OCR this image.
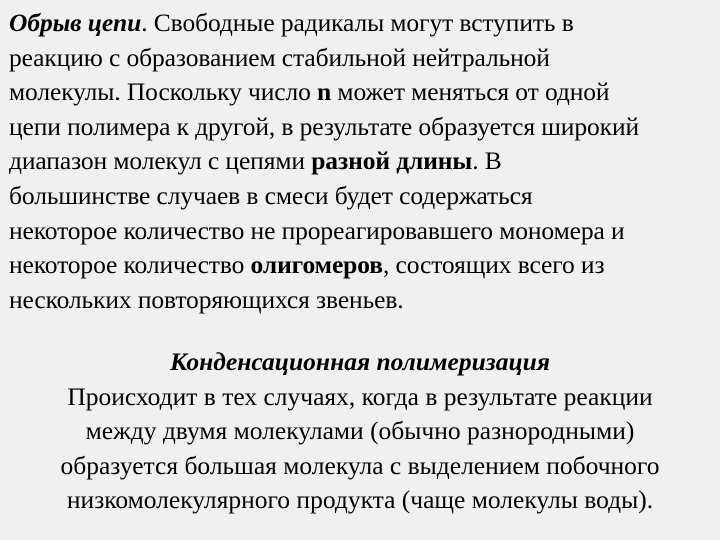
Обрыв цепи. Свободные радикалы могут вступить в
реакцию с образованием стабильной нейтральной
молекулы. Поскольку число n может меняться от одной
цепи полимера к другой, в результате образуется широкий
диапазон молекул с цепями разной длины. В
большинстве случаев в смеси будет содержаться
некоторое количество не прореагировавшего мономера и
некоторое количество олигомеров, состоящих всего из
нескольких повторяющихся звеньев.

Конденсационная полимеризация
Происходит в тех случаях, когда в результате реакции
между двумя молекулами (обычно разнородными)
образуется большая молекула с выделением побочного
низкомолекулярного продукта (чаще молекулы воды).
